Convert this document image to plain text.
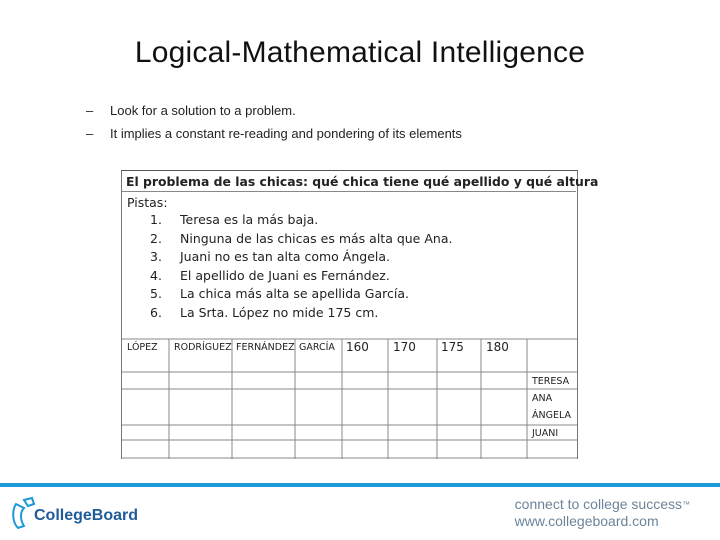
Logical-Mathematical Intelligence
– Look for a solution to a problem.
– It implies a constant re-reading and pondering of its elements
El problema de las chicas: qué chica tiene qué apellido y qué altura
Pistas:
1. Teresa es la más baja.
2. Ninguna de las chicas es más alta que Ana.
3. Juani no es tan alta como Ángela.
4. El apellido de Juani es Fernández.
5. La chica más alta se apellida García.
6. La Srta. López no mide 175 cm.
LÓPEZ RODRÍGUEZ FERNÁNDEZ GARCÍA 160 170 175 180
TERESA
ANA
ÁNGELA
JUANI
CollegeBoard
connect to college success™
www.collegeboard.com
